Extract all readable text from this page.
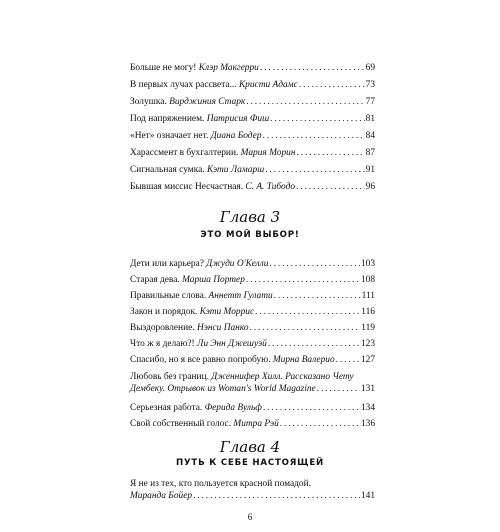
Больше не могу! Клэр Макгерри .....	69
В первых лучах рассвета... Кристи Адамс .....	73
Золушка. Вирджиния Старк .....	77
Под напряжением. Патрисия Фиш .....	81
«Нет» означает нет. Диана Бодер .....	84
Харассмент в бухгалтерии. Мария Морин .....	87
Сигнальная сумка. Кэти Ламарш .....	91
Бывшая миссис Несчастная. С. А. Тибодо .....	96
Глава 3
ЭТО МОЙ ВЫБОР!
Дети или карьера? Джуди О'Келли .....	103
Старая дева. Марша Портер .....	108
Правильные слова. Аннетт Гулати .....	111
Закон и порядок. Кэти Моррис .....	116
Выздоровление. Нэнси Панко .....	119
Что ж я делаю?! Ли Энн Джешуэй .....	123
Спасибо, но я все равно попробую. Мирна Валерио .....	127
Любовь без границ. Дженнифер Хилл. Рассказано Чету
Дембеку. Отрывок из Woman's World Magazine .....	131
Серьезная работа. Ферида Вульф .....	134
Свой собственный голос. Митра Рэй .....	136
Глава 4
ПУТЬ К СЕБЕ НАСТОЯЩЕЙ
Я не из тех, кто пользуется красной помадой.
Миранда Бойер .....	141
6
